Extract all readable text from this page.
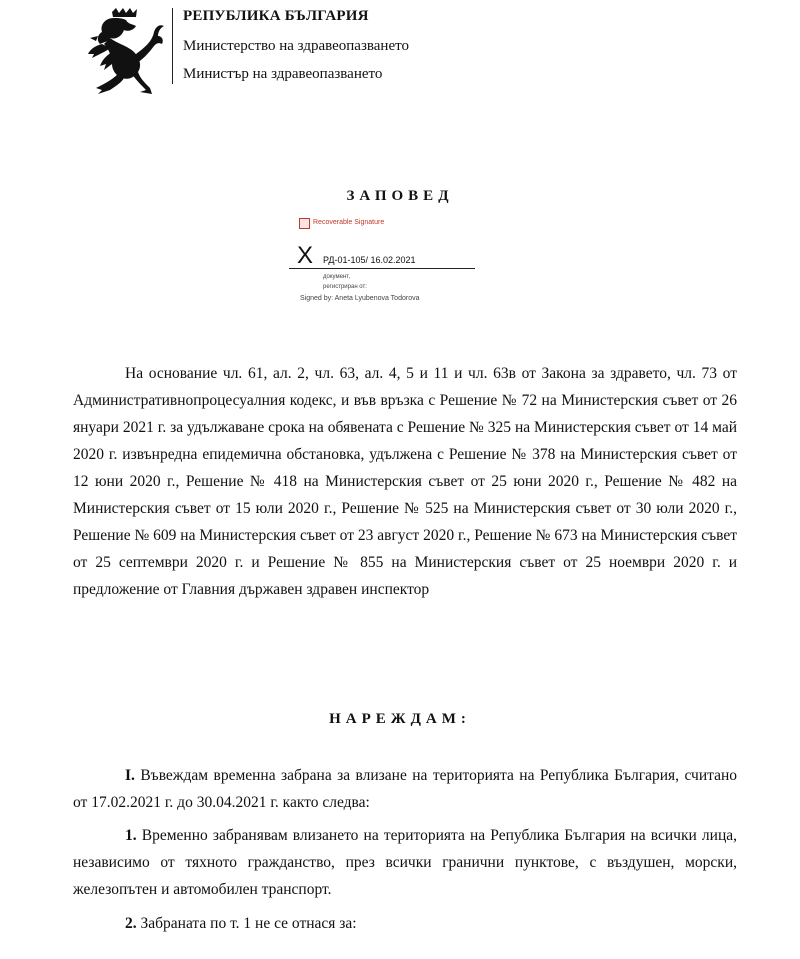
РЕПУБЛИКА БЪЛГАРИЯ
Министерство на здравеопазването
Министър на здравеопазването
ЗАПОВЕД
Recoverable Signature
X РД-01-105/ 16.02.2021
документ,
регистриран от:
Signed by: Aneta Lyubenova Todorova
На основание чл. 61, ал. 2, чл. 63, ал. 4, 5 и 11 и чл. 63в от Закона за здравето, чл. 73 от Административнопроцесуалния кодекс, и във връзка с Решение № 72 на Министерския съвет от 26 януари 2021 г. за удължаване срока на обявената с Решение № 325 на Министерския съвет от 14 май 2020 г. извънредна епидемична обстановка, удължена с Решение № 378 на Министерския съвет от 12 юни 2020 г., Решение № 418 на Министерския съвет от 25 юни 2020 г., Решение № 482 на Министерския съвет от 15 юли 2020 г., Решение № 525 на Министерския съвет от 30 юли 2020 г., Решение № 609 на Министерския съвет от 23 август 2020 г., Решение № 673 на Министерския съвет от 25 септември 2020 г. и Решение № 855 на Министерския съвет от 25 ноември 2020 г. и предложение от Главния държавен здравен инспектор
НАРЕЖДАМ:
I. Въвеждам временна забрана за влизане на територията на Република България, считано от 17.02.2021 г. до 30.04.2021 г. както следва:
1. Временно забранявам влизането на територията на Република България на всички лица, независимо от тяхното гражданство, през всички гранични пунктове, с въздушен, морски, железопътен и автомобилен транспорт.
2. Забраната по т. 1 не се отнася за:
